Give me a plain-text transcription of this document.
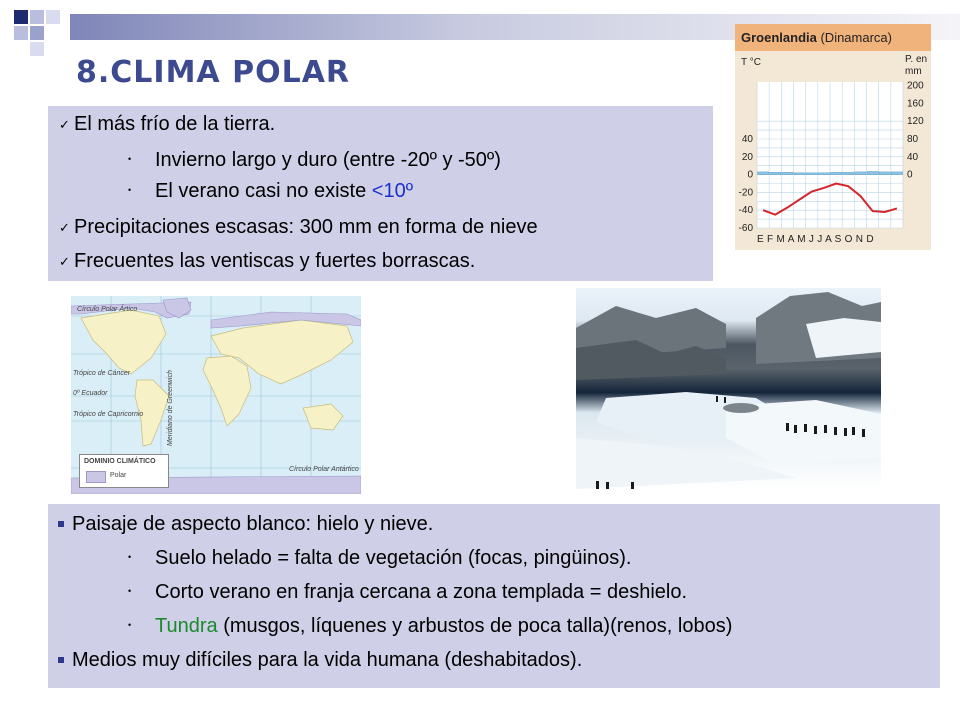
8.CLIMA POLAR
✓ El más frío de la tierra.
• Invierno largo y duro (entre -20º y -50º)
• El verano casi no existe <10º
✓ Precipitaciones escasas: 300 mm en forma de nieve
✓ Frecuentes las ventiscas y fuertes borrascas.
Groenlandia (Dinamarca)
T °C	P. en
mm
40
20
0
-20
-40
-60
200
160
120
80
40
0
E F M A M J J A S O N D
Círculo Polar Ártico
Trópico de Cáncer
0º Ecuador
Trópico de Capricornio	Meridiano de Greenwich
Círculo Polar Antártico
DOMINIO CLIMÁTICO
Polar
Paisaje de aspecto blanco: hielo y nieve.
• Suelo helado = falta de vegetación (focas, pingüinos).
• Corto verano en franja cercana a zona templada = deshielo.
• Tundra (musgos, líquenes y arbustos de poca talla)(renos, lobos)
Medios muy difíciles para la vida humana (deshabitados).
